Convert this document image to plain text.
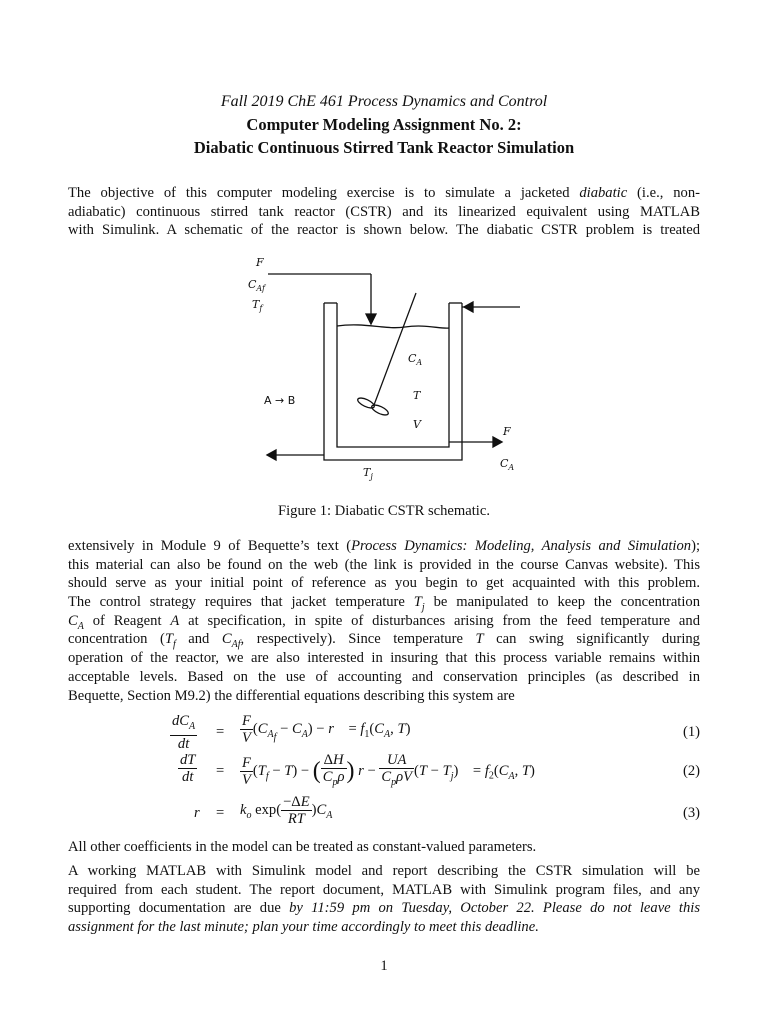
Fall 2019 ChE 461 Process Dynamics and Control
Computer Modeling Assignment No. 2:
Diabatic Continuous Stirred Tank Reactor Simulation
The objective of this computer modeling exercise is to simulate a jacketed diabatic (i.e., non-
adiabatic) continuous stirred tank reactor (CSTR) and its linearized equivalent using MATLAB
with Simulink. A schematic of the reactor is shown below. The diabatic CSTR problem is treated
F
$C_{Af}$
$T_f$
$C_A$
T
V
F
$C_A$
$T_j$
A → B
Figure 1: Diabatic CSTR schematic.
extensively in Module 9 of Bequette’s text (Process Dynamics: Modeling, Analysis and Simulation);
this material can also be found on the web (the link is provided in the course Canvas website). This
should serve as your initial point of reference as you begin to get acquainted with this problem.
The control strategy requires that jacket temperature $T_j$ be manipulated to keep the concentration
$C_A$ of Reagent A at specification, in spite of disturbances arising from the feed temperature and
concentration ($T_f$ and $C_{Af}$, respectively). Since temperature T can swing significantly during
operation of the reactor, we are also interested in insuring that this process variable remains within
acceptable levels. Based on the use of accounting and conservation principles (as described in
Bequette, Section M9.2) the differential equations describing this system are
$\frac{dC_A}{dt} = \frac{F}{V} (C_{A_f} - C_A) - r$    = $f_1(C_A$, T)	(1)
$\frac{dT}{dt} = \frac{F}{V} (T_f - T)$ − ( $\frac{\Delta H}{C_p\rho}$ ) $r - \frac{UA}{C_p\rho V} (T - T_j)$    = $f_2(C_A$, T)	(2)
$r = k_o$ $\exp( \frac{-\Delta E}{RT} )C_A$	(3)
All other coefficients in the model can be treated as constant-valued parameters.
A working MATLAB with Simulink model and report describing the CSTR simulation will be
required from each student. The report document, MATLAB with Simulink program files, and any
supporting documentation are due by 11:59 pm on Tuesday, October 22. Please do not leave this
assignment for the last minute; plan your time accordingly to meet this deadline.
1
